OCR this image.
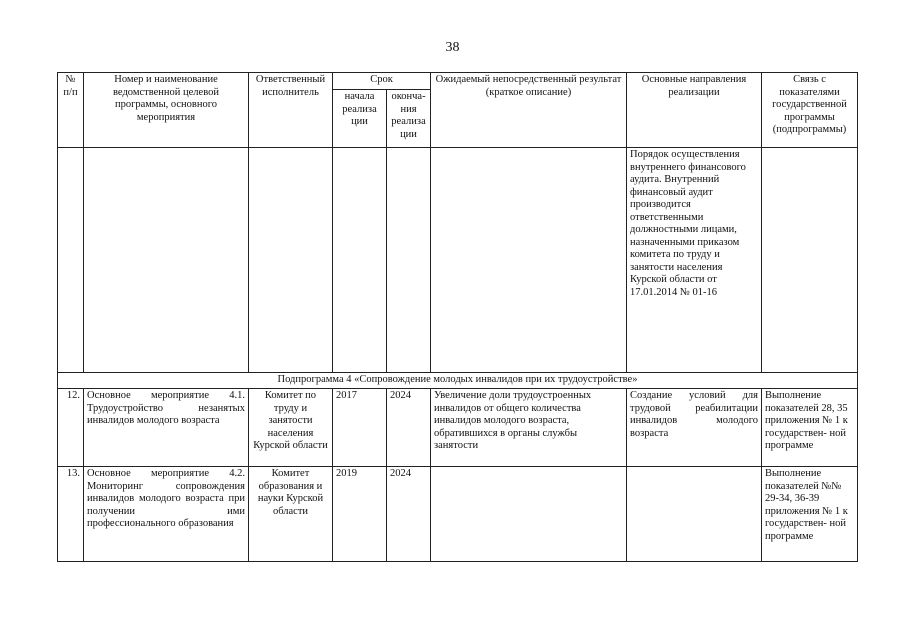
38
№ п/п	Номер и наименование ведомственной целевой программы, основного мероприятия	Ответственный исполнитель	Срок		Ожидаемый непосредственный результат (краткое описание)	Основные направления реализации	Связь с показателями государственной программы (подпрограммы)
			начала реализа ции	оконча- ния реализа ции			
						Порядок осуществления внутреннего финансового аудита. Внутренний финансовый аудит производится ответственными должностными лицами, назначенными приказом комитета по труду и занятости населения Курской области от 17.01.2014 № 01-16	
Подпрограмма 4 «Сопровождение молодых инвалидов при их трудоустройстве»							
12.	Основное мероприятие 4.1. Трудоустройство незанятых инвалидов молодого возраста	Комитет по труду и занятости населения Курской области	2017	2024	Увеличение доли трудоустроенных инвалидов от общего количества инвалидов молодого возраста, обратившихся в органы службы занятости	Создание условий для трудовой реабилитации инвалидов молодого возраста	Выполнение показателей 28, 35 приложения № 1 к государствен- ной программе
13.	Основное мероприятие 4.2. Мониторинг сопровождения инвалидов молодого возраста при получении ими профессионального образования	Комитет образования и науки Курской области	2019	2024			Выполнение показателей №№ 29-34, 36-39 приложения № 1 к государствен- ной программе
